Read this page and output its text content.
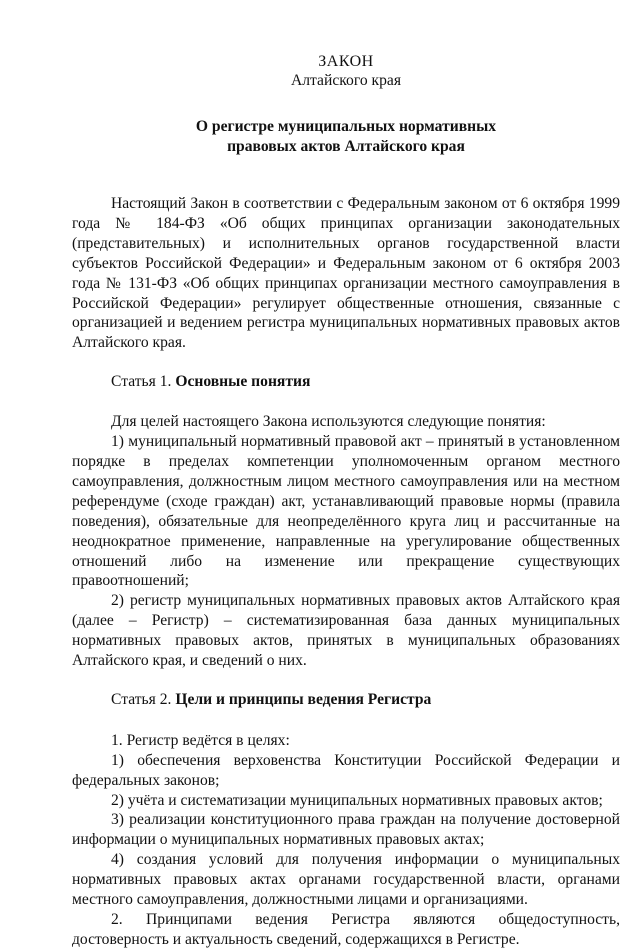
ЗАКОН

Алтайского края

О регистре муниципальных нормативных
правовых актов Алтайского края

Настоящий Закон в соответствии с Федеральным законом от 6 октября 1999 года № 184-ФЗ «Об общих принципах организации законодательных (представительных) и исполнительных органов государственной власти субъектов Российской Федерации» и Федеральным законом от 6 октября 2003 года № 131-ФЗ «Об общих принципах организации местного самоуправления в Российской Федерации» регулирует общественные отношения, связанные с организацией и ведением регистра муниципальных нормативных правовых актов Алтайского края.

Статья 1. Основные понятия

Для целей настоящего Закона используются следующие понятия:

1) муниципальный нормативный правовой акт – принятый в установленном порядке в пределах компетенции уполномоченным органом местного самоуправления, должностным лицом местного самоуправления или на местном референдуме (сходе граждан) акт, устанавливающий правовые нормы (правила поведения), обязательные для неопределённого круга лиц и рассчитанные на неоднократное применение, направленные на урегулирование общественных отношений либо на изменение или прекращение существующих правоотношений;

2) регистр муниципальных нормативных правовых актов Алтайского края (далее – Регистр) – систематизированная база данных муниципальных нормативных правовых актов, принятых в муниципальных образованиях Алтайского края, и сведений о них.

Статья 2. Цели и принципы ведения Регистра

1. Регистр ведётся в целях:

1) обеспечения верховенства Конституции Российской Федерации и федеральных законов;

2) учёта и систематизации муниципальных нормативных правовых актов;

3) реализации конституционного права граждан на получение достоверной информации о муниципальных нормативных правовых актах;

4) создания условий для получения информации о муниципальных нормативных правовых актах органами государственной власти, органами местного самоуправления, должностными лицами и организациями.

2. Принципами ведения Регистра являются общедоступность, достоверность и актуальность сведений, содержащихся в Регистре.
